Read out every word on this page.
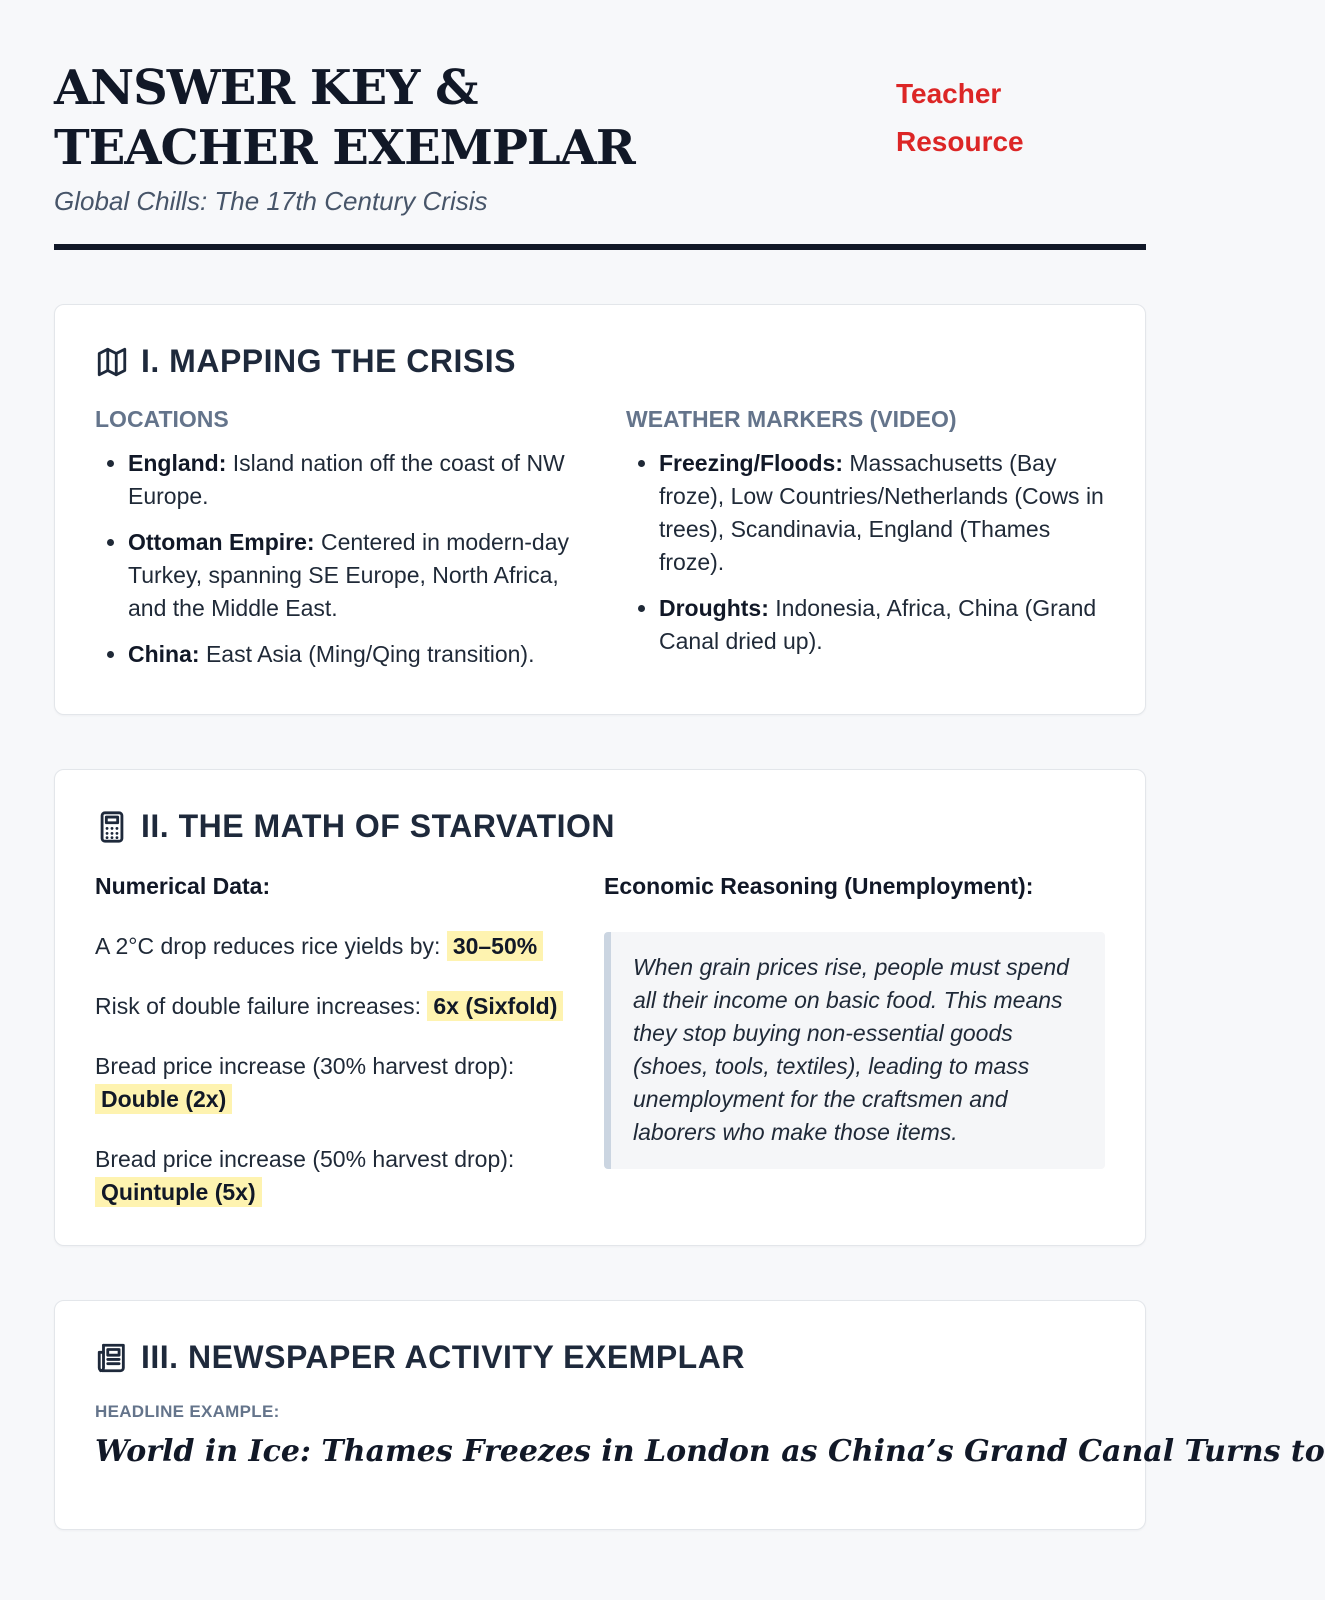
ANSWER KEY & TEACHER EXEMPLAR
Global Chills: The 17th Century Crisis
Teacher Resource
I. MAPPING THE CRISIS
LOCATIONS
• England: Island nation off the coast of NW Europe.
• Ottoman Empire: Centered in modern-day Turkey, spanning SE Europe, North Africa, and the Middle East.
• China: East Asia (Ming/Qing transition).
WEATHER MARKERS (VIDEO)
• Freezing/Floods: Massachusetts (Bay froze), Low Countries/Netherlands (Cows in trees), Scandinavia, England (Thames froze).
• Droughts: Indonesia, Africa, China (Grand Canal dried up).
II. THE MATH OF STARVATION
Numerical Data:
A 2°C drop reduces rice yields by: 30–50%
Risk of double failure increases: 6x (Sixfold)
Bread price increase (30% harvest drop): Double (2x)
Bread price increase (50% harvest drop): Quintuple (5x)
Economic Reasoning (Unemployment):
When grain prices rise, people must spend all their income on basic food. This means they stop buying non-essential goods (shoes, tools, textiles), leading to mass unemployment for the craftsmen and laborers who make those items.
III. NEWSPAPER ACTIVITY EXEMPLAR
HEADLINE EXAMPLE:
World in Ice: Thames Freezes in London as China’s Grand Canal Turns to
